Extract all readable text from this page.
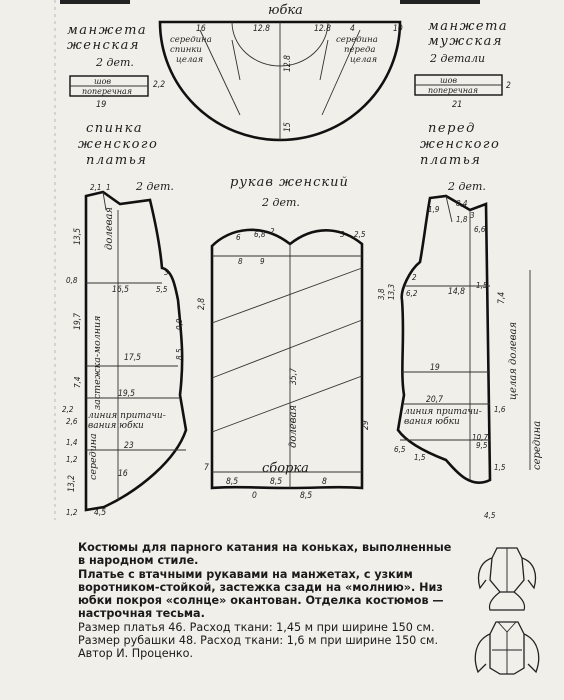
юбка
16	12.8	12.8 4	10
12.8
15
середина
спинки
целая
середина
переда
целая
манжета
женская
2 дет.
шов
поперечная
19
2,2
манжета
мужская
2 детали
шов
поперечная
21
2
спинка
женского
платья
перед
женского
платья
рукав женский
2 дет.
6,8 2	3 2,5
6
8 9
2,8
35,7
долевая	29
7	сборка
8,5	8,5	8
8,5
0
2,1 1 2 дет.
13,5 долевая
3
0,8
16,5	5,5
19,7 застежка-молния	0,9
17,5	8,5
7,4
19,5
2,2
линия притачи-
вания юбки
2,6
1,4	23
середина 16
1,2
13,2
4,5
1,2
1,9
8,4
2 дет.
3
1,8
6,6
13,3
2
14,8
1,5
3,8	7,4
6,2
19
20,7
линия притачи-
вания юбки
1,6
10,7
6,5
1,5
9,5
1,5
4,5
целая долевая
середина
Костюмы для парного катания на коньках, выполненные в народном стиле.
Платье с втачными рукавами на манжетах, с узким воротником-стойкой, застежка сзади на «молнию». Низ юбки покроя «солнце» окантован. Отделка костюмов — настрочная тесьма.
Размер платья 46. Расход ткани: 1,45 м при ширине 150 см.
Размер рубашки 48. Расход ткани: 1,6 м при ширине 150 см.
Автор И. Проценко.
